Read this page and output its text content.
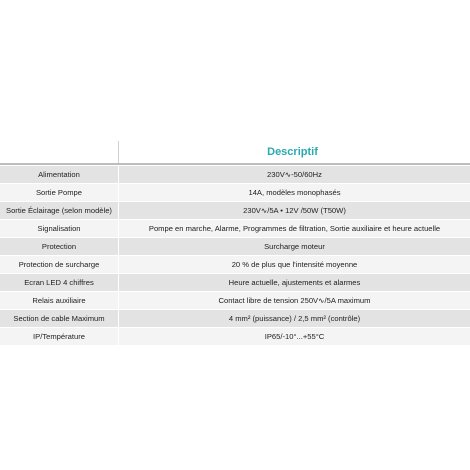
Descriptif
Alimentation	230V∿-50/60Hz
Sortie Pompe	14A, modèles monophasés
Sortie Éclairage (selon modèle)	230V∿/5A • 12V /50W (T50W)
Signalisation	Pompe en marche, Alarme, Programmes de filtration, Sortie auxiliaire et heure actuelle
Protection	Surcharge moteur
Protection de surcharge	20 % de plus que l'intensité moyenne
Ecran LED 4 chiffres	Heure actuelle, ajustements et alarmes
Relais auxiliaire	Contact libre de tension 250V∿/5A maximum
Section de cable Maximum	4 mm² (puissance) / 2,5 mm² (contrôle)
IP/Température	IP65/-10°...+55°C
